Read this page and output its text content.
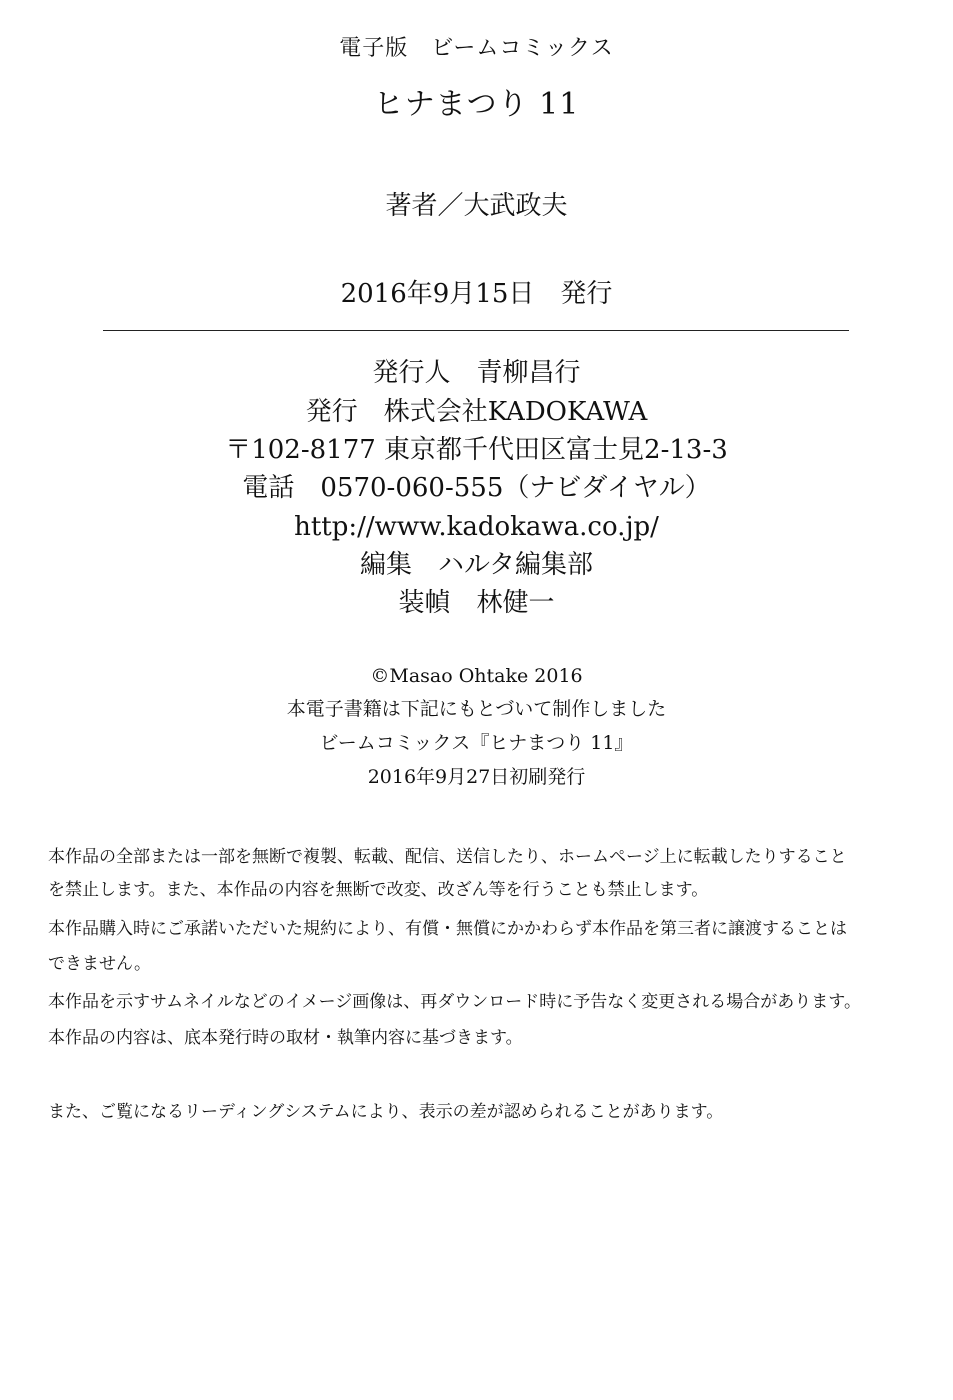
電子版　ビームコミックス
ヒナまつり 11
著者／大武政夫
2016年9月15日　発行
発行人　青柳昌行
発行　株式会社KADOKAWA
〒102-8177 東京都千代田区富士見2-13-3
電話　0570-060-555（ナビダイヤル）
http://www.kadokawa.co.jp/
編集　ハルタ編集部
装幀　林健一
©Masao Ohtake 2016
本電子書籍は下記にもとづいて制作しました
ビームコミックス『ヒナまつり 11』
2016年9月27日初刷発行
本作品の全部または一部を無断で複製、転載、配信、送信したり、ホームページ上に転載したりすること
を禁止します。また、本作品の内容を無断で改変、改ざん等を行うことも禁止します。
本作品購入時にご承諾いただいた規約により、有償・無償にかかわらず本作品を第三者に譲渡することは
できません。
本作品を示すサムネイルなどのイメージ画像は、再ダウンロード時に予告なく変更される場合があります。
本作品の内容は、底本発行時の取材・執筆内容に基づきます。
また、ご覧になるリーディングシステムにより、表示の差が認められることがあります。
